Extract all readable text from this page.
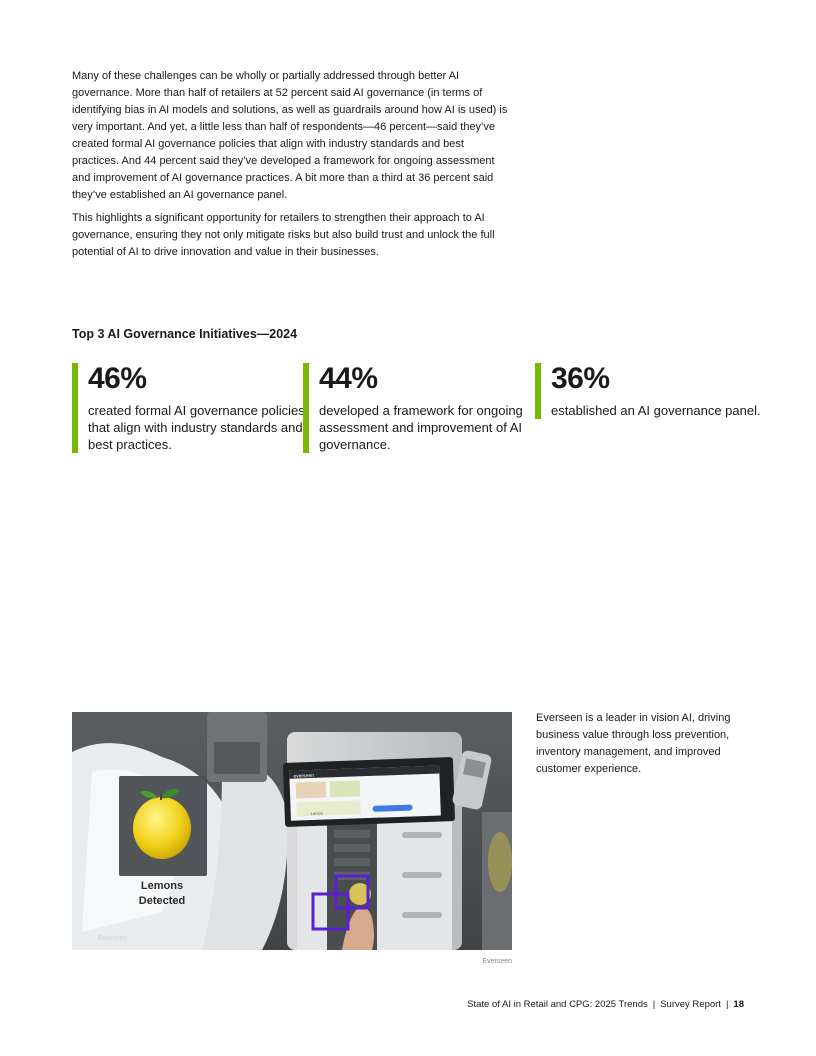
Many of these challenges can be wholly or partially addressed through better AI governance. More than half of retailers at 52 percent said AI governance (in terms of identifying bias in AI models and solutions, as well as guardrails around how AI is used) is very important. And yet, a little less than half of respondents—46 percent—said they’ve created formal AI governance policies that align with industry standards and best practices. And 44 percent said they’ve developed a framework for ongoing assessment and improvement of AI governance practices. A bit more than a third at 36 percent said they’ve established an AI governance panel.

This highlights a significant opportunity for retailers to strengthen their approach to AI governance, ensuring they not only mitigate risks but also build trust and unlock the full potential of AI to drive innovation and value in their businesses.

Top 3 AI Governance Initiatives—2024
46%
created formal AI governance policies that align with industry standards and best practices.
44%
developed a framework for ongoing assessment and improvement of AI governance.
36%
established an AI governance panel.
everseen
Lemon
Lemons
Detected
Everseen
Everseen is a leader in vision AI, driving business value through loss prevention, inventory management, and improved customer experience.
Everseen
State of AI in Retail and CPG: 2025 Trends | Survey Report | 18
